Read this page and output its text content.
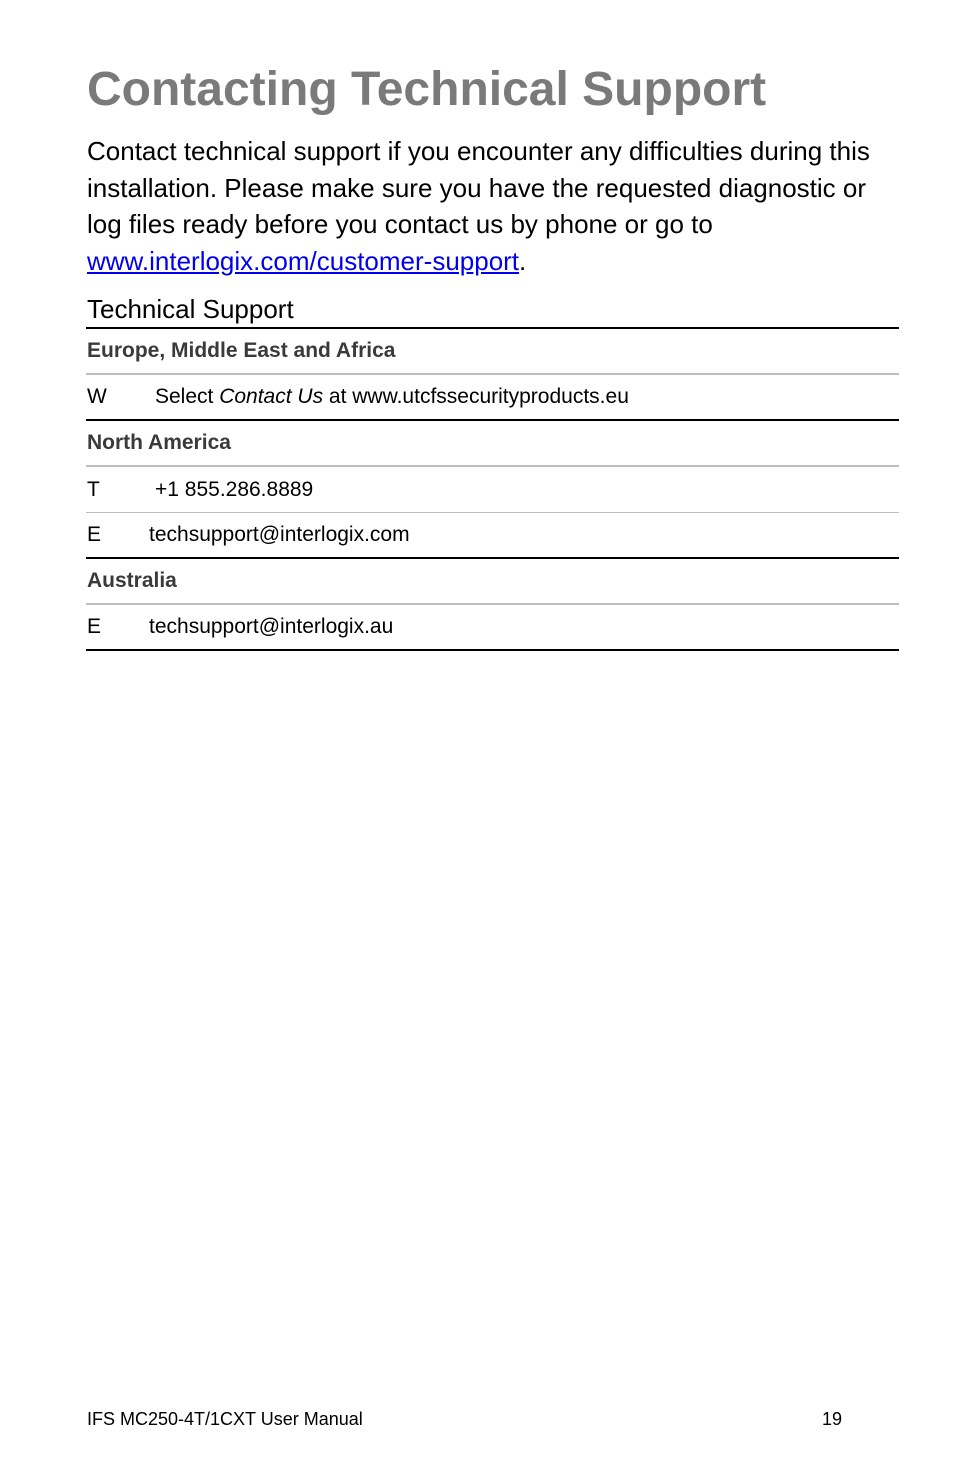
Contacting Technical Support

Contact technical support if you encounter any difficulties during this installation. Please make sure you have the requested diagnostic or log files ready before you contact us by phone or go to www.interlogix.com/customer-support.

Technical Support
Europe, Middle East and Africa
W	Select Contact Us at www.utcfssecurityproducts.eu
North America
T	+1 855.286.8889
E	techsupport@interlogix.com
Australia
E	techsupport@interlogix.au
IFS MC250-4T/1CXT User Manual	19
